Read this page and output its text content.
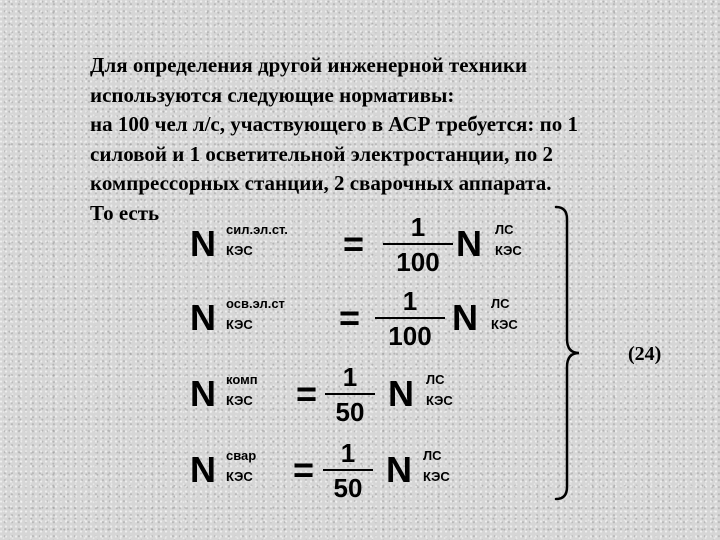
Для определения другой инженерной техники
используются следующие нормативы:
на 100 чел л/с, участвующего в АСР требуется: по 1
силовой и 1 осветительной электростанции, по 2
компрессорных станции, 2 сварочных аппарата.
То есть
N сил.эл.ст.
КЭС	=	1
100 N ЛС
КЭС
N осв.эл.ст
КЭС =	1
100 N ЛС
КЭС
N комп
КЭС = 1
50 N ЛС
КЭС
N свар
КЭС =	1
50 N ЛС
КЭС
(24)
